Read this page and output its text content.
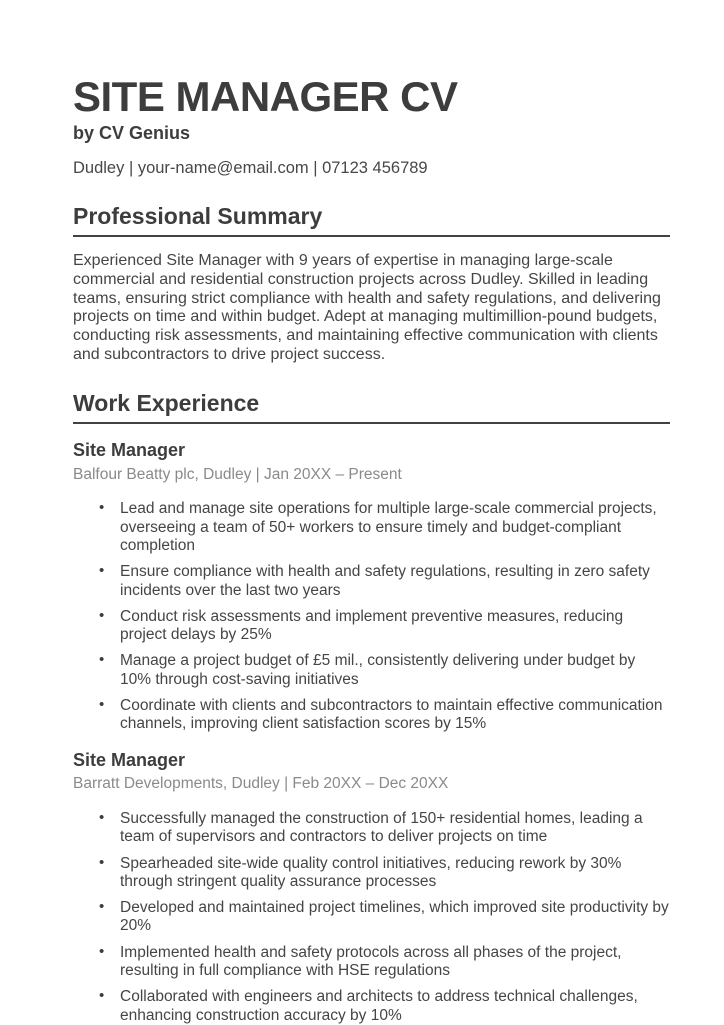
SITE MANAGER CV
by CV Genius
Dudley | your-name@email.com | 07123 456789
Professional Summary

Experienced Site Manager with 9 years of expertise in managing large-scale commercial and residential construction projects across Dudley. Skilled in leading teams, ensuring strict compliance with health and safety regulations, and delivering projects on time and within budget. Adept at managing multimillion-pound budgets, conducting risk assessments, and maintaining effective communication with clients and subcontractors to drive project success.

Work Experience
Site Manager
Balfour Beatty plc, Dudley | Jan 20XX – Present
• Lead and manage site operations for multiple large-scale commercial projects, overseeing a team of 50+ workers to ensure timely and budget-compliant completion
• Ensure compliance with health and safety regulations, resulting in zero safety incidents over the last two years
• Conduct risk assessments and implement preventive measures, reducing project delays by 25%
• Manage a project budget of £5 mil., consistently delivering under budget by 10% through cost-saving initiatives
• Coordinate with clients and subcontractors to maintain effective communication channels, improving client satisfaction scores by 15%
Site Manager
Barratt Developments, Dudley | Feb 20XX – Dec 20XX
• Successfully managed the construction of 150+ residential homes, leading a team of supervisors and contractors to deliver projects on time
• Spearheaded site-wide quality control initiatives, reducing rework by 30% through stringent quality assurance processes
• Developed and maintained project timelines, which improved site productivity by 20%
• Implemented health and safety protocols across all phases of the project, resulting in full compliance with HSE regulations
• Collaborated with engineers and architects to address technical challenges, enhancing construction accuracy by 10%
